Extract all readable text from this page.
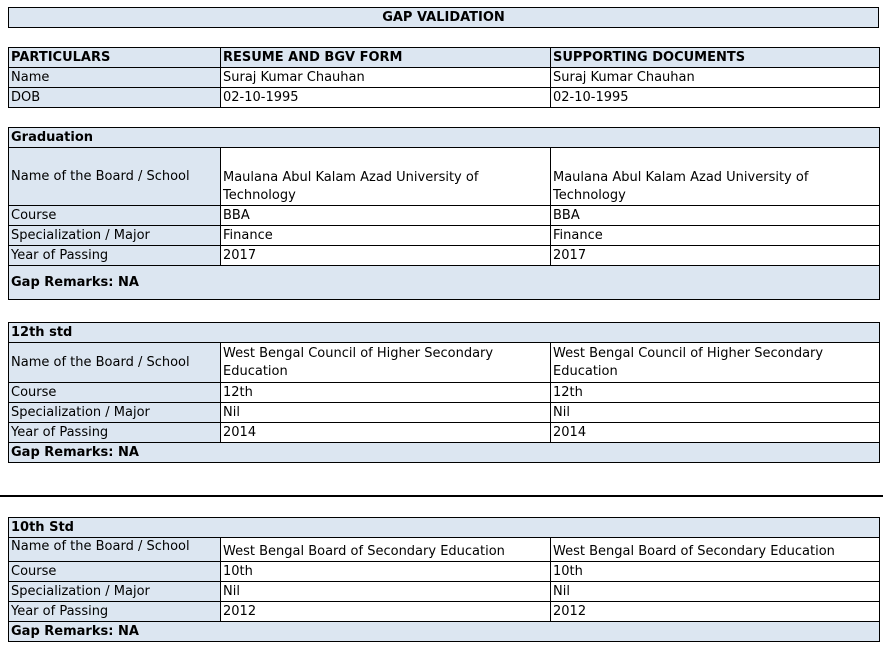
GAP VALIDATION
PARTICULARS	RESUME AND BGV FORM	SUPPORTING DOCUMENTS
Name	Suraj Kumar Chauhan	Suraj Kumar Chauhan
DOB	02-10-1995	02-10-1995
Graduation		
Name of the Board / School	Maulana Abul Kalam Azad University of Technology	Maulana Abul Kalam Azad University of Technology
Course	BBA	BBA
Specialization / Major	Finance	Finance
Year of Passing	2017	2017
Gap Remarks: NA		
12th std		
Name of the Board / School	West Bengal Council of Higher Secondary Education	West Bengal Council of Higher Secondary Education
Course	12th	12th
Specialization / Major	Nil	Nil
Year of Passing	2014	2014
Gap Remarks: NA		
10th Std		
Name of the Board / School	West Bengal Board of Secondary Education	West Bengal Board of Secondary Education
Course	10th	10th
Specialization / Major	Nil	Nil
Year of Passing	2012	2012
Gap Remarks: NA		
